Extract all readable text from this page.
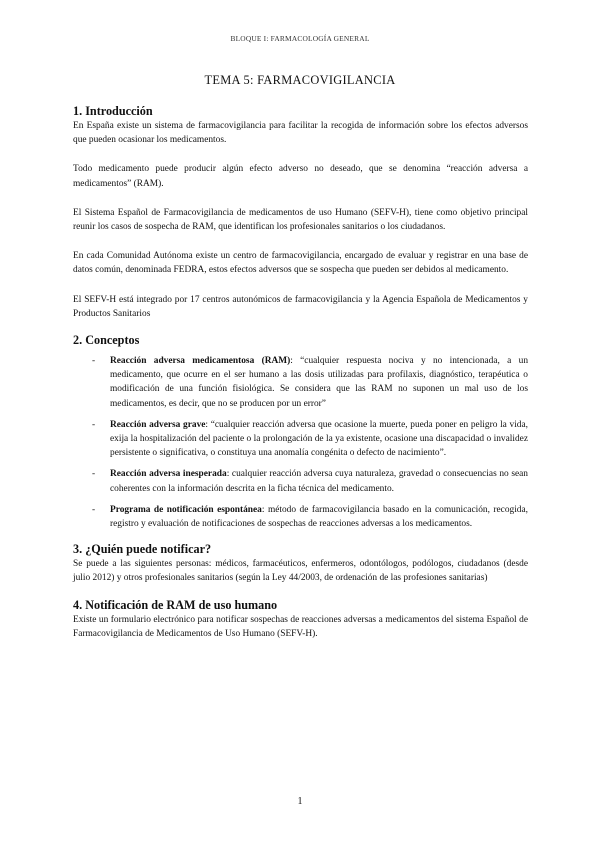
BLOQUE I: FARMACOLOGÍA GENERAL
TEMA 5: FARMACOVIGILANCIA
1. Introducción

En España existe un sistema de farmacovigilancia para facilitar la recogida de información sobre los efectos adversos que pueden ocasionar los medicamentos.

Todo medicamento puede producir algún efecto adverso no deseado, que se denomina “reacción adversa a medicamentos” (RAM).

El Sistema Español de Farmacovigilancia de medicamentos de uso Humano (SEFV-H), tiene como objetivo principal reunir los casos de sospecha de RAM, que identifican los profesionales sanitarios o los ciudadanos.

En cada Comunidad Autónoma existe un centro de farmacovigilancia, encargado de evaluar y registrar en una base de datos común, denominada FEDRA, estos efectos adversos que se sospecha que pueden ser debidos al medicamento.

El SEFV-H está integrado por 17 centros autonómicos de farmacovigilancia y la Agencia Española de Medicamentos y Productos Sanitarios

2. Conceptos
- Reacción adversa medicamentosa (RAM): “cualquier respuesta nociva y no intencionada, a un medicamento, que ocurre en el ser humano a las dosis utilizadas para profilaxis, diagnóstico, terapéutica o modificación de una función fisiológica. Se considera que las RAM no suponen un mal uso de los medicamentos, es decir, que no se producen por un error”

- Reacción adversa grave: “cualquier reacción adversa que ocasione la muerte, pueda poner en peligro la vida, exija la hospitalización del paciente o la prolongación de la ya existente, ocasione una discapacidad o invalidez persistente o significativa, o constituya una anomalía congénita o defecto de nacimiento”.

- Reacción adversa inesperada: cualquier reacción adversa cuya naturaleza, gravedad o consecuencias no sean coherentes con la información descrita en la ficha técnica del medicamento.

- Programa de notificación espontánea: método de farmacovigilancia basado en la comunicación, recogida, registro y evaluación de notificaciones de sospechas de reacciones adversas a los medicamentos.

3. ¿Quién puede notificar?

Se puede a las siguientes personas: médicos, farmacéuticos, enfermeros, odontólogos, podólogos, ciudadanos (desde julio 2012) y otros profesionales sanitarios (según la Ley 44/2003, de ordenación de las profesiones sanitarias)

4. Notificación de RAM de uso humano

Existe un formulario electrónico para notificar sospechas de reacciones adversas a medicamentos del sistema Español de Farmacovigilancia de Medicamentos de Uso Humano (SEFV-H).

1
